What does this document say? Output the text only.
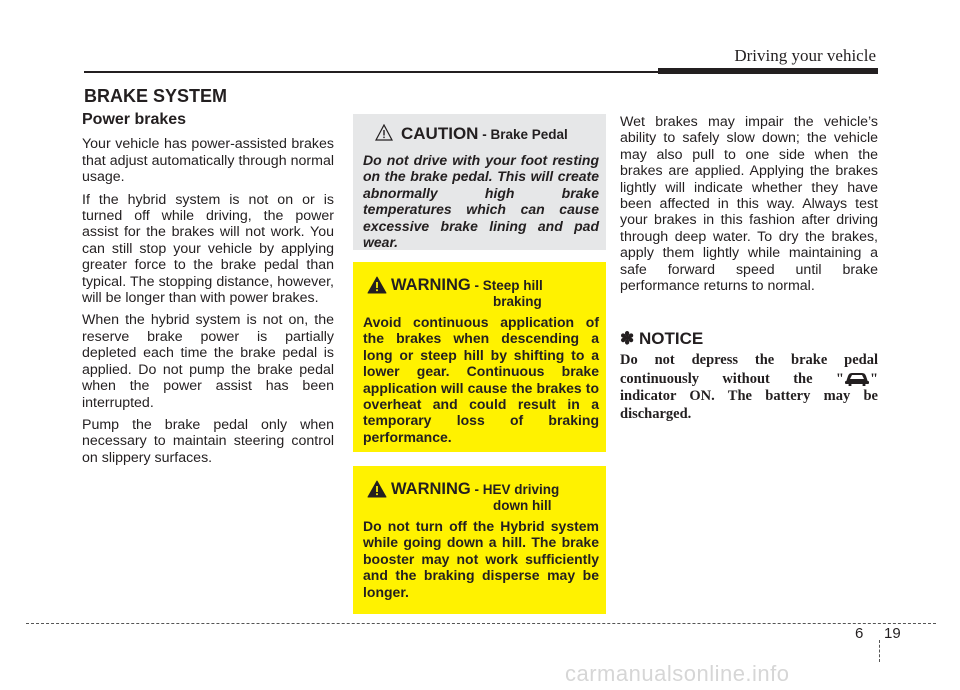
Driving your vehicle
BRAKE SYSTEM
Power brakes

Your vehicle has power-assisted brakes that adjust automatically through normal usage.

If the hybrid system is not on or is turned off while driving, the power assist for the brakes will not work. You can still stop your vehicle by applying greater force to the brake pedal than typical. The stopping distance, however, will be longer than with power brakes.

When the hybrid system is not on, the reserve brake power is partially depleted each time the brake pedal is applied. Do not pump the brake pedal when the power assist has been interrupted.

Pump the brake pedal only when necessary to maintain steering control on slippery surfaces.

CAUTION - Brake Pedal
Do not drive with your foot resting on the brake pedal. This will create abnormally high brake temperatures which can cause excessive brake lining and pad wear.
WARNING - Steep hill
braking
Avoid continuous application of the brakes when descending a long or steep hill by shifting to a lower gear. Continuous brake application will cause the brakes to overheat and could result in a temporary loss of braking performance.
WARNING - HEV driving
down hill
Do not turn off the Hybrid system while going down a hill. The brake booster may not work sufficiently and the braking disperse may be longer.

Wet brakes may impair the vehicle’s ability to safely slow down; the vehicle may also pull to one side when the brakes are applied. Applying the brakes lightly will indicate whether they have been affected in this way. Always test your brakes in this fashion after driving through deep water. To dry the brakes, apply them lightly while maintaining a safe forward speed until brake performance returns to normal.

✽ NOTICE
Do not depress the brake pedal continuously without the " " indicator ON. The battery may be discharged.
6 19
carmanualsonline.info
